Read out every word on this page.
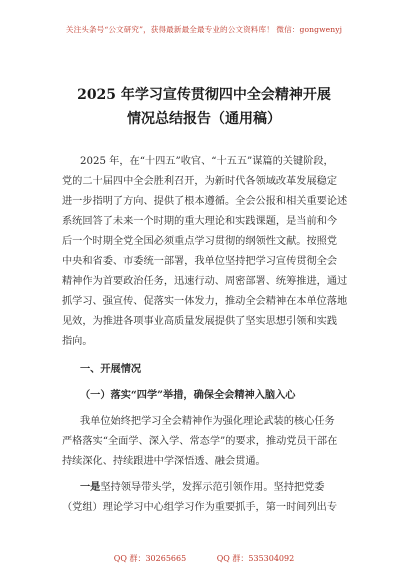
关注头条号“公文研究”，获得最新最全最专业的公文资料库！ 微信：gongwenyj
2025 年学习宣传贯彻四中全会精神开展
情况总结报告（通用稿）
2025 年，在“十四五”收官、“十五五”谋篇的关键阶段，
党的二十届四中全会胜利召开，为新时代各领域改革发展稳定
进一步指明了方向、提供了根本遵循。全会公报和相关重要论述
系统回答了未来一个时期的重大理论和实践课题，是当前和今
后一个时期全党全国必须重点学习贯彻的纲领性文献。按照党
中央和省委、市委统一部署，我单位坚持把学习宣传贯彻全会
精神作为首要政治任务，迅速行动、周密部署、统筹推进，通过
抓学习、强宣传、促落实一体发力，推动全会精神在本单位落地
见效，为推进各项事业高质量发展提供了坚实思想引领和实践
指向。
一、开展情况
（一）落实“四学”举措，确保全会精神入脑入心
我单位始终把学习全会精神作为强化理论武装的核心任务
严格落实“全面学、深入学、常态学”的要求，推动党员干部在
持续深化、持续跟进中学深悟透、融会贯通。
一是坚持领导带头学，发挥示范引领作用。坚持把党委
（党组）理论学习中心组学习作为重要抓手，第一时间列出专
QQ 群：30265665	QQ 群：535304092
